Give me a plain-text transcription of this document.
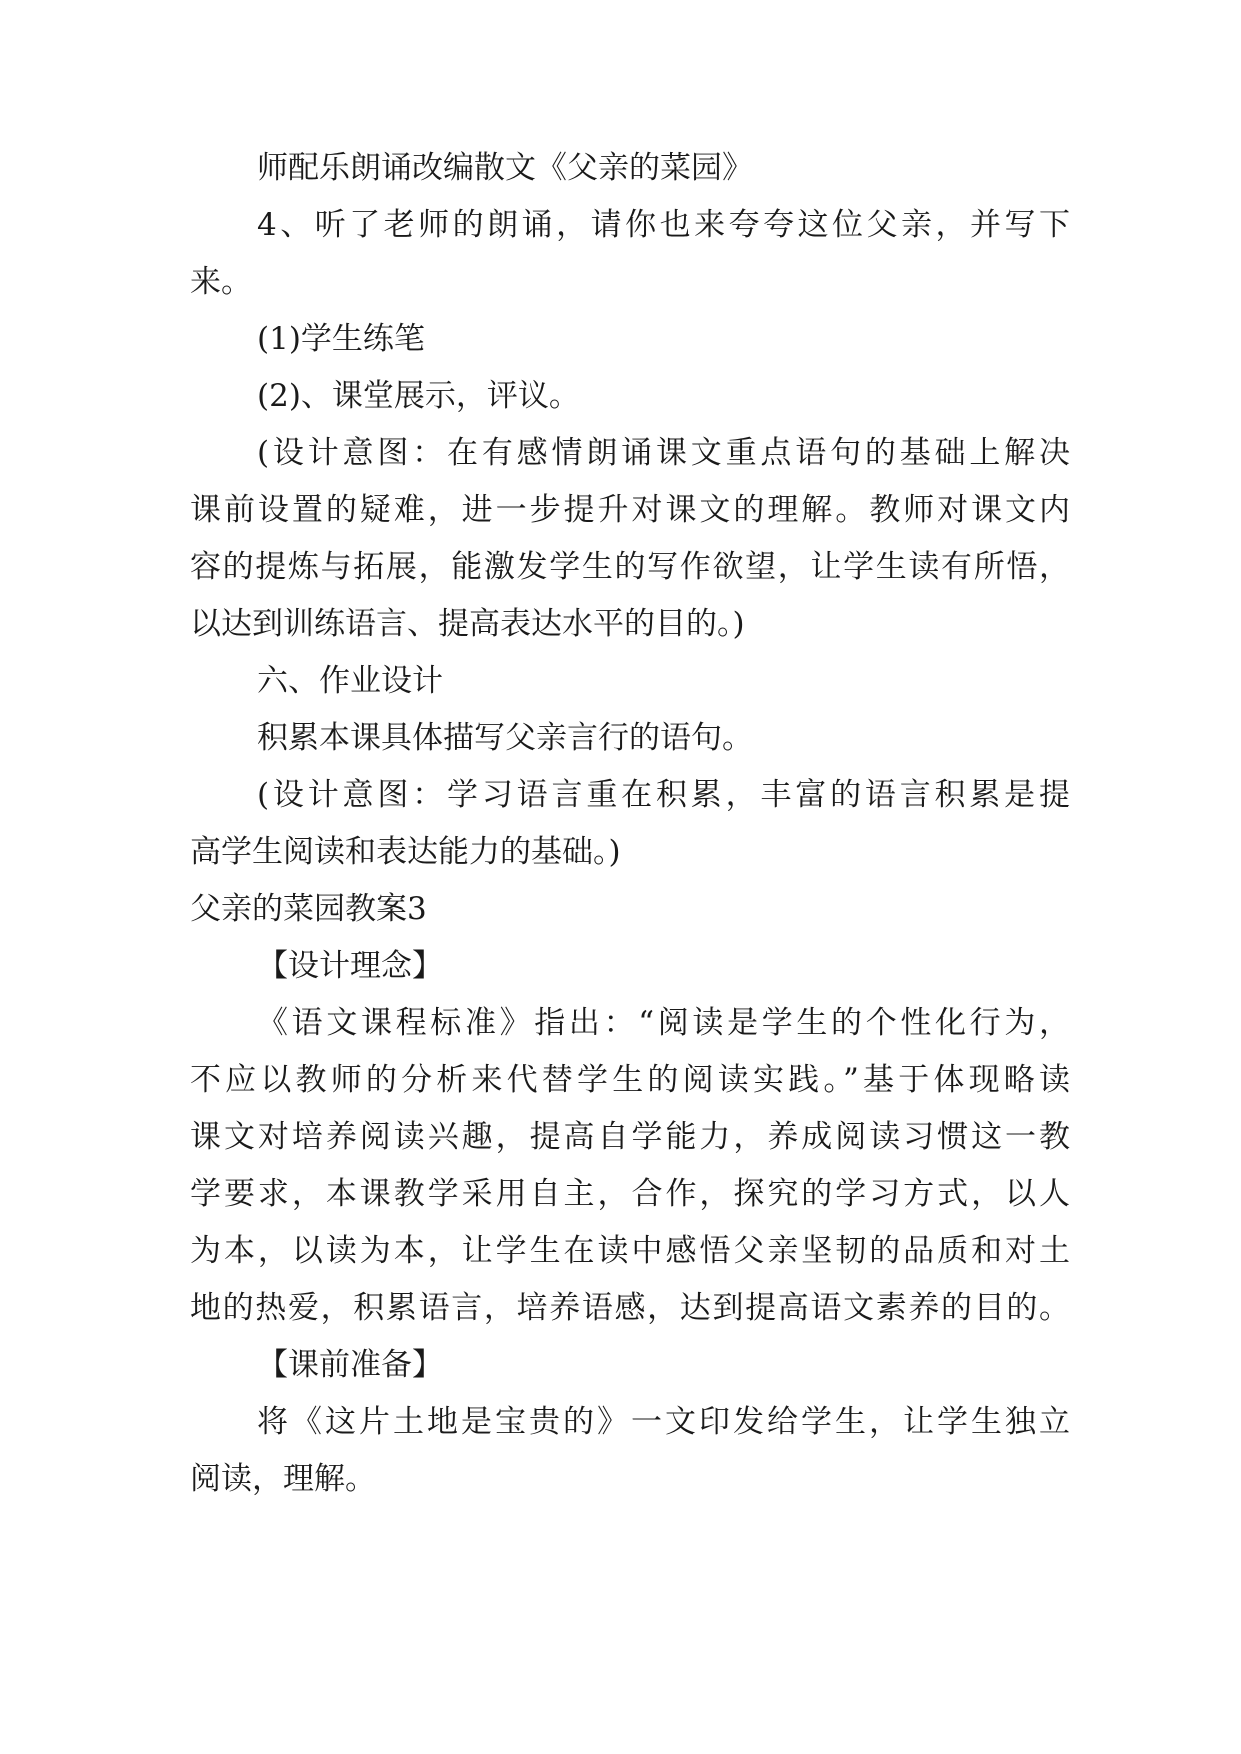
师配乐朗诵改编散文《父亲的菜园》
4、听了老师的朗诵，请你也来夸夸这位父亲，并写下
来。
(1)学生练笔
(2)、课堂展示，评议。
(设计意图：在有感情朗诵课文重点语句的基础上解决
课前设置的疑难，进一步提升对课文的理解。教师对课文内
容的提炼与拓展，能激发学生的写作欲望，让学生读有所悟，
以达到训练语言、提高表达水平的目的。)
六、作业设计
积累本课具体描写父亲言行的语句。
(设计意图：学习语言重在积累，丰富的语言积累是提
高学生阅读和表达能力的基础。)
父亲的菜园教案3
【设计理念】
《语文课程标准》指出：“阅读是学生的个性化行为，
不应以教师的分析来代替学生的阅读实践。”基于体现略读
课文对培养阅读兴趣，提高自学能力，养成阅读习惯这一教
学要求，本课教学采用自主，合作，探究的学习方式，以人
为本，以读为本，让学生在读中感悟父亲坚韧的品质和对土
地的热爱，积累语言，培养语感，达到提高语文素养的目的。
【课前准备】
将《这片土地是宝贵的》一文印发给学生，让学生独立
阅读，理解。
